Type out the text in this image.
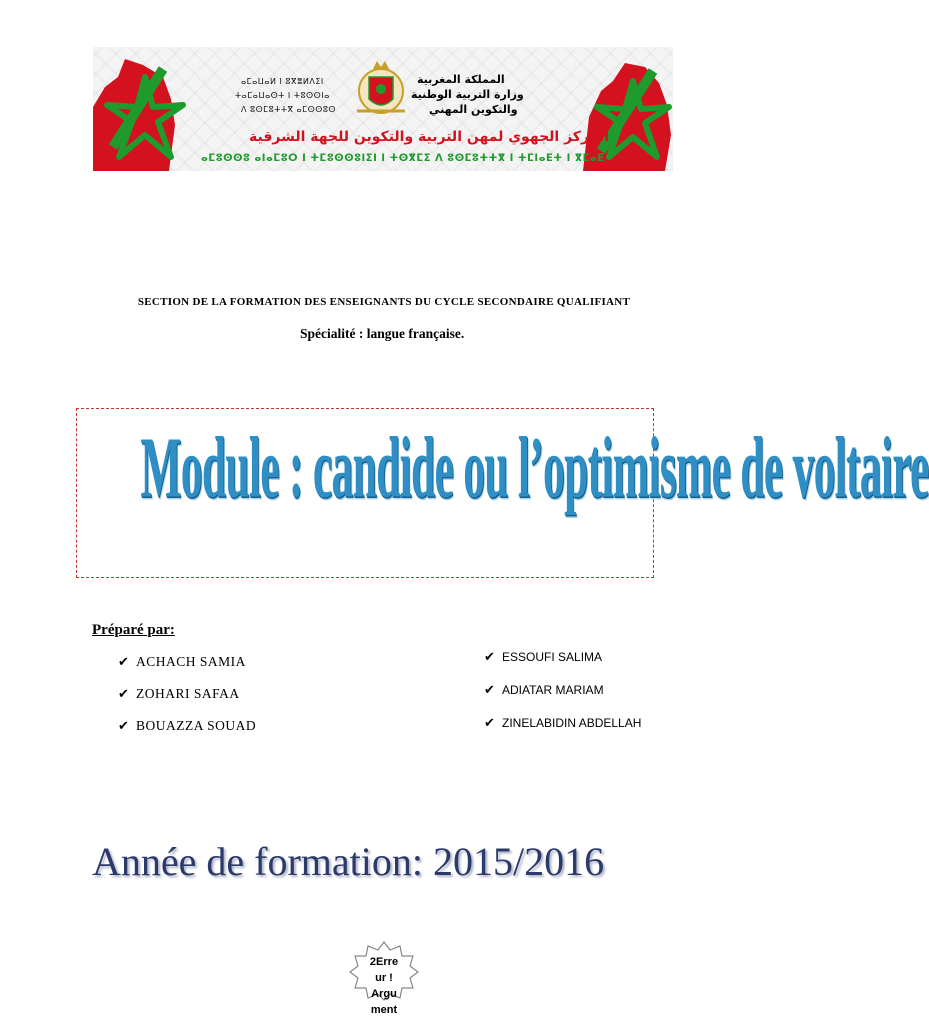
ⴰⵎⴰⵡⴰⵍ ⵏ ⵓⴳⴻⵍⴷⵉⵏ
ⵜⴰⵎⴰⵡⴰⵙⵜ ⵏ ⵜⵓⵙⵙⵏⴰ
ⴷ ⵓⵙⵎⵓⵜⵜⴳ ⴰⵎⵙⵙⵓⵙ
المملكة المغربية
وزارة التربية الوطنية
والتكوين المهني
المركز الجهوي لمهن التربية والتكوين للجهة الشرقية
ⴰⵎⵓⵙⵙⵓ ⴰⵏⴰⵎⵓⵔ ⵏ ⵜⵎⵓⵙⵙⵓⵏⵉⵏ ⵏ ⵜⵙⴳⵎⵉ ⴷ ⵓⵙⵎⵓⵜⵜⴳ ⵏ ⵜⵎⵏⴰⴹⵜ ⵏ ⴳⵎⴰⴹ
SECTION DE LA FORMATION DES ENSEIGNANTS DU CYCLE SECONDAIRE QUALIFIANT
Spécialité : langue française.
Module : candide ou l’optimisme de voltaire
Préparé par:
✔ ACHACH SAMIA
✔ ZOHARI SAFAA
✔ BOUAZZA SOUAD
✔ ESSOUFI SALIMA
✔ ADIATAR MARIAM
✔ ZINELABIDIN ABDELLAH
Année de formation: 2015/2016
2Erre
ur !
Argu
ment
